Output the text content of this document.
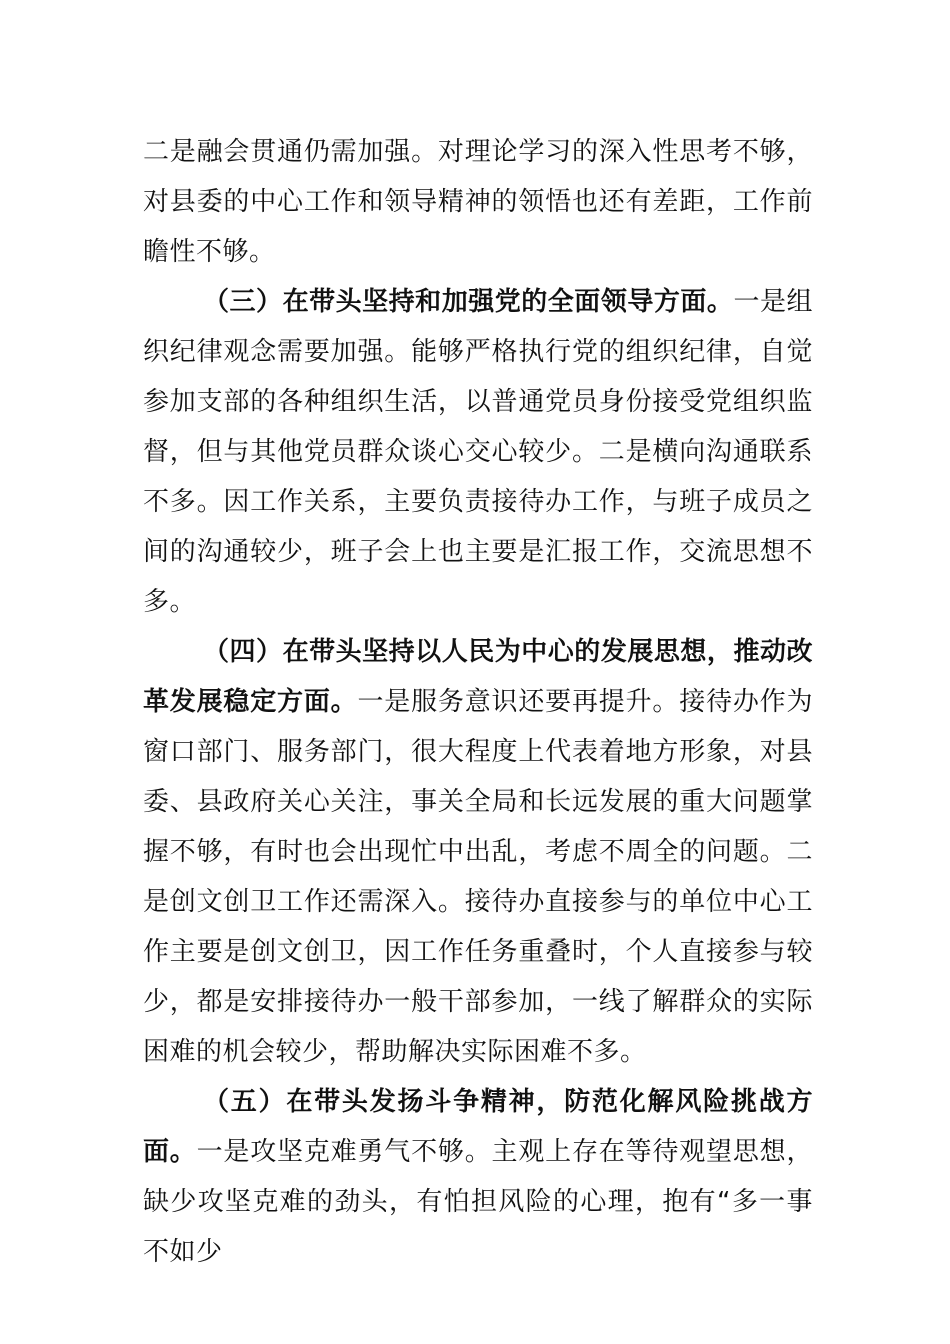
二是融会贯通仍需加强。对理论学习的深入性思考不够，对县委的中心工作和领导精神的领悟也还有差距，工作前瞻性不够。

（三）在带头坚持和加强党的全面领导方面。一是组织纪律观念需要加强。能够严格执行党的组织纪律，自觉参加支部的各种组织生活，以普通党员身份接受党组织监督，但与其他党员群众谈心交心较少。二是横向沟通联系不多。因工作关系，主要负责接待办工作，与班子成员之间的沟通较少，班子会上也主要是汇报工作，交流思想不多。

（四）在带头坚持以人民为中心的发展思想，推动改革发展稳定方面。一是服务意识还要再提升。接待办作为窗口部门、服务部门，很大程度上代表着地方形象，对县委、县政府关心关注，事关全局和长远发展的重大问题掌握不够，有时也会出现忙中出乱，考虑不周全的问题。二是创文创卫工作还需深入。接待办直接参与的单位中心工作主要是创文创卫，因工作任务重叠时，个人直接参与较少，都是安排接待办一般干部参加，一线了解群众的实际困难的机会较少，帮助解决实际困难不多。

（五）在带头发扬斗争精神，防范化解风险挑战方面。一是攻坚克难勇气不够。主观上存在等待观望思想，缺少攻坚克难的劲头，有怕担风险的心理，抱有“多一事不如少
